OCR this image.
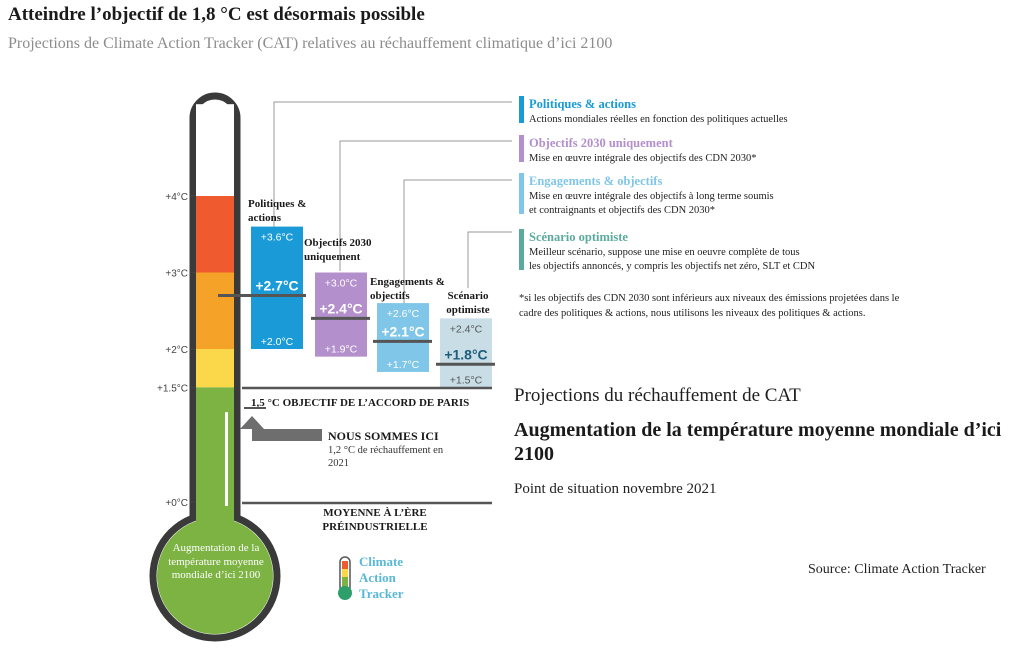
Atteindre l’objectif de 1,8 °C est désormais possible
Projections de Climate Action Tracker (CAT) relatives au réchauffement climatique d’ici 2100
+4°C
+3°C
+2°C
+1.5°C
+0°C
+3.6°C
+2.0°C
+2.7°C
Politiques &
actions
+3.0°C
+1.9°C
+2.4°C
Objectifs 2030
uniquement
+2.6°C
+1.7°C
+2.1°C
Engagements &
objectifs
+2.4°C
+1.5°C
+1.8°C
Scénario
optimiste
1,5 °C OBJECTIF DE L’ACCORD DE PARIS
MOYENNE À L’ÈRE
PRÉINDUSTRIELLE
NOUS SOMMES ICI
Politiques & actions
Actions mondiales réelles en fonction des politiques actuelles
Objectifs 2030 uniquement
Mise en œuvre intégrale des objectifs des CDN 2030*
Engagements & objectifs
Mise en œuvre intégrale des objectifs à long terme soumis
et contraignants et objectifs des CDN 2030*
Scénario optimiste
Meilleur scénario, suppose une mise en oeuvre complète de tous
les objectifs annoncés, y compris les objectifs net zéro, SLT et CDN
Climate
Action
Tracker
Augmentation de la température moyenne mondiale d’ici 2100
1,2 °C de réchauffement en 2021
*si les objectifs des CDN 2030 sont inférieurs aux niveaux des émissions projetées dans le cadre des politiques & actions, nous utilisons les niveaux des politiques & actions.
Projections du réchauffement de CAT
Augmentation de la température moyenne mondiale d’ici 2100
Point de situation novembre 2021
Source: Climate Action Tracker
